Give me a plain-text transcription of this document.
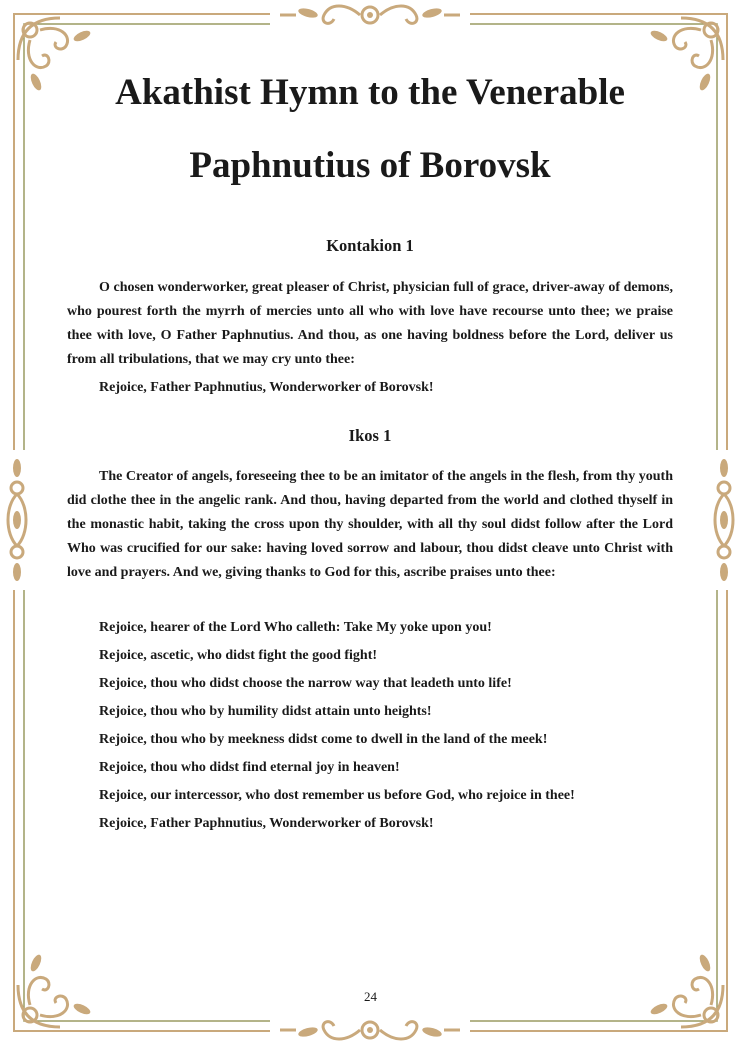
Akathist Hymn to the Venerable
Paphnutius of Borovsk
Kontakion 1

O chosen wonderworker, great pleaser of Christ, physician full of grace, driver-away of demons, who pourest forth the myrrh of mercies unto all who with love have recourse unto thee; we praise thee with love, O Father Paphnutius. And thou, as one having boldness before the Lord, deliver us from all tribulations, that we may cry unto thee:

Rejoice, Father Paphnutius, Wonderworker of Borovsk!
Ikos 1

The Creator of angels, foreseeing thee to be an imitator of the angels in the flesh, from thy youth did clothe thee in the angelic rank. And thou, having departed from the world and clothed thyself in the monastic habit, taking the cross upon thy shoulder, with all thy soul didst follow after the Lord Who was crucified for our sake: having loved sorrow and labour, thou didst cleave unto Christ with love and prayers. And we, giving thanks to God for this, ascribe praises unto thee:

Rejoice, hearer of the Lord Who calleth: Take My yoke upon you!
Rejoice, ascetic, who didst fight the good fight!
Rejoice, thou who didst choose the narrow way that leadeth unto life!
Rejoice, thou who by humility didst attain unto heights!
Rejoice, thou who by meekness didst come to dwell in the land of the meek!
Rejoice, thou who didst find eternal joy in heaven!
Rejoice, our intercessor, who dost remember us before God, who rejoice in thee!
Rejoice, Father Paphnutius, Wonderworker of Borovsk!
24
